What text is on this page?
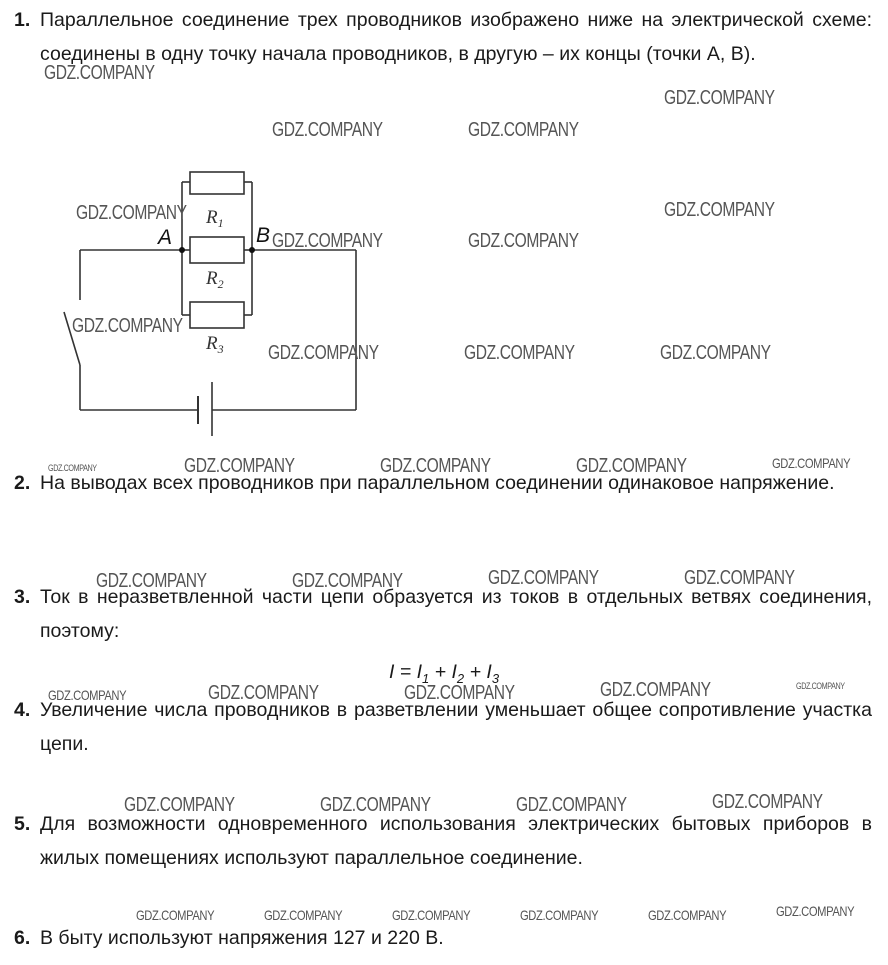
1. Параллельное соединение трех проводников изображено ниже на электрической схеме: соединены в одну точку начала проводников, в другую – их концы (точки А, В).
A	B
$R_1$
$R_2$
$R_3$
2. На выводах всех проводников при параллельном соединении одинаковое напряжение.
3. Ток в неразветвленной части цепи образуется из токов в отдельных ветвях соединения, поэтому:
$I = I_1 + I_2 + I_3$
4. Увеличение числа проводников в разветвлении уменьшает общее сопротивление участка цепи.
5. Для возможности одновременного использования электрических бытовых приборов в жилых помещениях используют параллельное соединение.
6. В быту используют напряжения 127 и 220 В.
GDZ.COMPANY
GDZ.COMPANY
GDZ.COMPANY	GDZ.COMPANY
GDZ.COMPANY	GDZ.COMPANY
GDZ.COMPANY	GDZ.COMPANY
GDZ.COMPANY
GDZ.COMPANY	GDZ.COMPANY	GDZ.COMPANY
GDZ.COMPANY	GDZ.COMPANY	GDZ.COMPANY	GDZ.COMPANY	GDZ.COMPANY
GDZ.COMPANY	GDZ.COMPANY	GDZ.COMPANY	GDZ.COMPANY
GDZ.COMPANY	GDZ.COMPANY	GDZ.COMPANY	GDZ.COMPANY	GDZ.COMPANY
GDZ.COMPANY	GDZ.COMPANY	GDZ.COMPANY	GDZ.COMPANY
GDZ.COMPANY	GDZ.COMPANY	GDZ.COMPANY	GDZ.COMPANY	GDZ.COMPANY	GDZ.COMPANY
